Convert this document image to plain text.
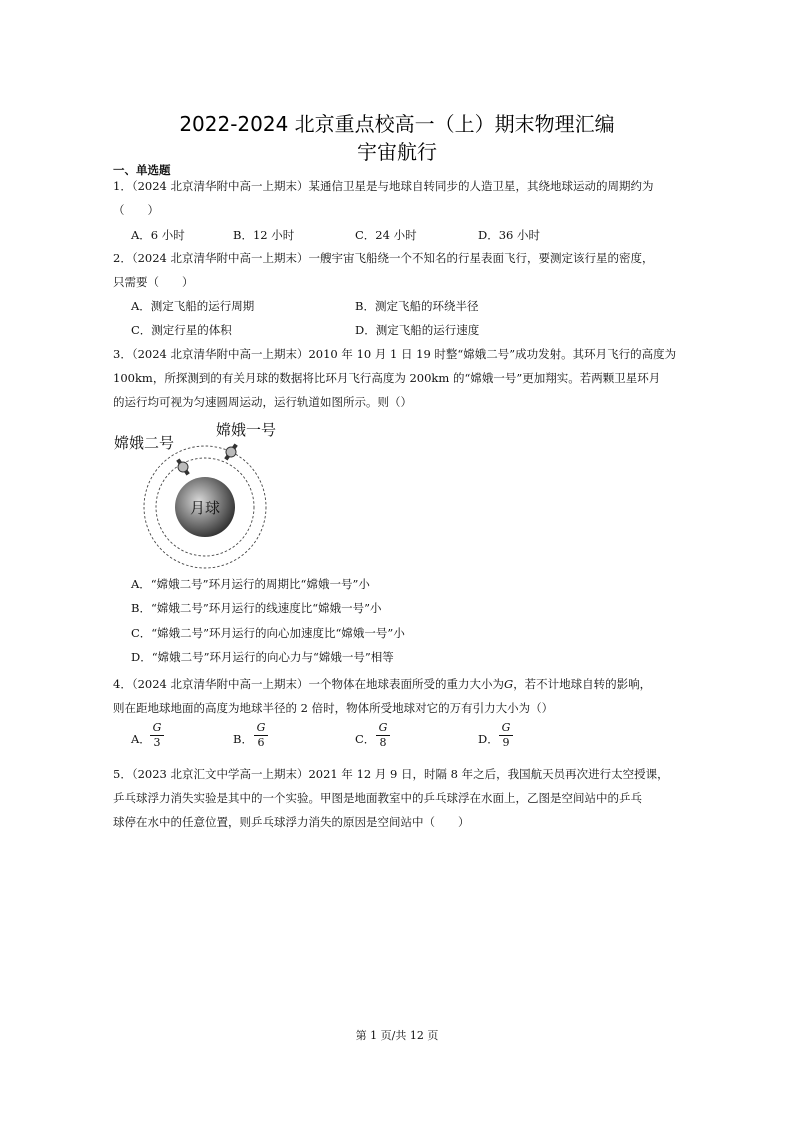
2022-2024 北京重点校高一（上）期末物理汇编
宇宙航行
一、单选题
1．（2024 北京清华附中高一上期末）某通信卫星是与地球自转同步的人造卫星，其绕地球运动的周期约为
（　　）
A．6 小时	B．12 小时	C．24 小时	D．36 小时
2．（2024 北京清华附中高一上期末）一艘宇宙飞船绕一个不知名的行星表面飞行，要测定该行星的密度，
只需要（　　）
A．测定飞船的运行周期	B．测定飞船的环绕半径
C．测定行星的体积	D．测定飞船的运行速度
3．（2024 北京清华附中高一上期末）2010 年 10 月 1 日 19 时整“嫦娥二号”成功发射。其环月飞行的高度为
100km，所探测到的有关月球的数据将比环月飞行高度为 200km 的“嫦娥一号”更加翔实。若两颗卫星环月
的运行均可视为匀速圆周运动，运行轨道如图所示。则（）
月球
嫦娥二号
嫦娥一号
A．“嫦娥二号”环月运行的周期比“嫦娥一号”小
B．“嫦娥二号”环月运行的线速度比“嫦娥一号”小
C．“嫦娥二号”环月运行的向心加速度比“嫦娥一号”小
D．“嫦娥二号”环月运行的向心力与“嫦娥一号”相等
4．（2024 北京清华附中高一上期末）一个物体在地球表面所受的重力大小为G，若不计地球自转的影响，
则在距地球地面的高度为地球半径的 2 倍时，物体所受地球对它的万有引力大小为（）
A．
G
3	B．
G
6	C．
G
8	D．
G
9
5．（2023 北京汇文中学高一上期末）2021 年 12 月 9 日，时隔 8 年之后，我国航天员再次进行太空授课，
乒乓球浮力消失实验是其中的一个实验。甲图是地面教室中的乒乓球浮在水面上，乙图是空间站中的乒乓
球停在水中的任意位置，则乒乓球浮力消失的原因是空间站中（　　）
第 1 页/共 12 页
